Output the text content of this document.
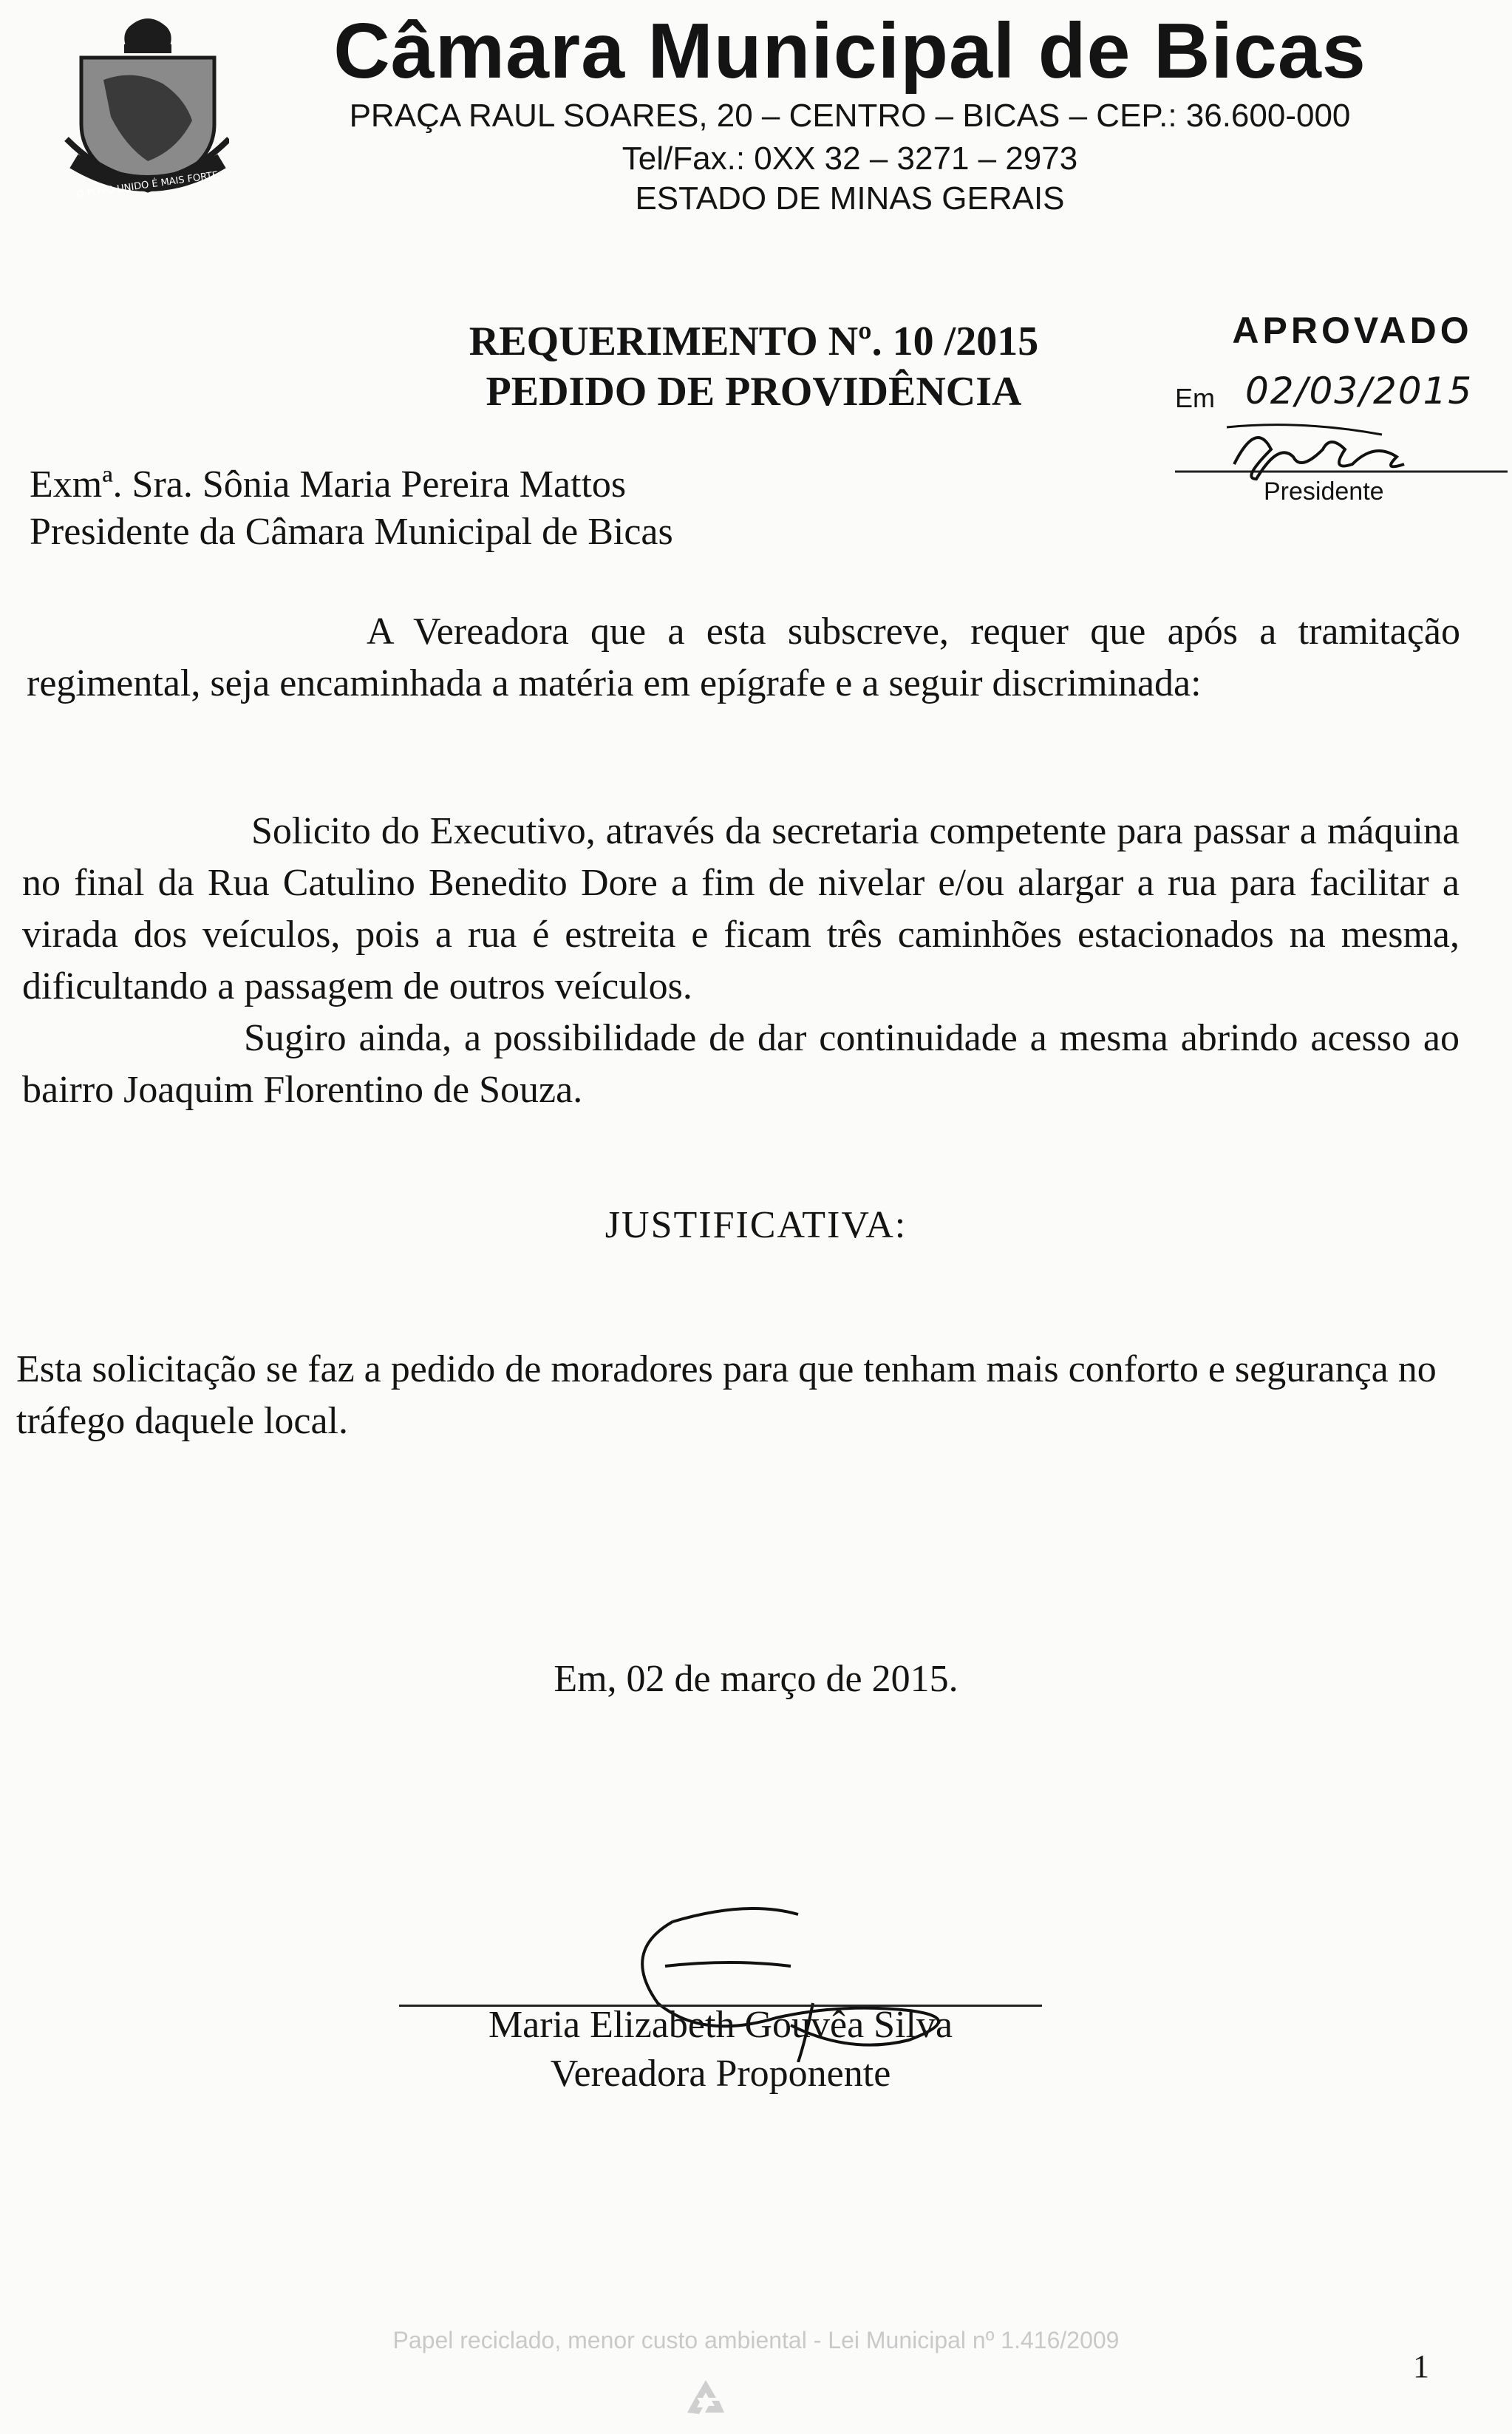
O POVO UNIDO É MAIS FORTE
Câmara Municipal de Bicas
PRAÇA RAUL SOARES, 20 – CENTRO – BICAS – CEP.: 36.600-000
Tel/Fax.: 0XX 32 – 3271 – 2973
ESTADO DE MINAS GERAIS
REQUERIMENTO Nº. 10 /2015
PEDIDO DE PROVIDÊNCIA
APROVADO
Em 02/03/2015
Presidente
Exmª. Sra. Sônia Maria Pereira Mattos
Presidente da Câmara Municipal de Bicas
A Vereadora que a esta subscreve, requer que após a tramitação regimental, seja encaminhada a matéria em epígrafe e a seguir discriminada:
Solicito do Executivo, através da secretaria competente para passar a máquina no final da Rua Catulino Benedito Dore a fim de nivelar e/ou alargar a rua para facilitar a virada dos veículos, pois a rua é estreita e ficam três caminhões estacionados na mesma, dificultando a passagem de outros veículos.
Sugiro ainda, a possibilidade de dar continuidade a mesma abrindo acesso ao bairro Joaquim Florentino de Souza.
JUSTIFICATIVA:
Esta solicitação se faz a pedido de moradores para que tenham mais conforto e segurança no tráfego daquele local.
Em, 02 de março de 2015.
Maria Elizabeth Gouvêa Silva
Vereadora Proponente
Papel reciclado, menor custo ambiental - Lei Municipal nº 1.416/2009
1
